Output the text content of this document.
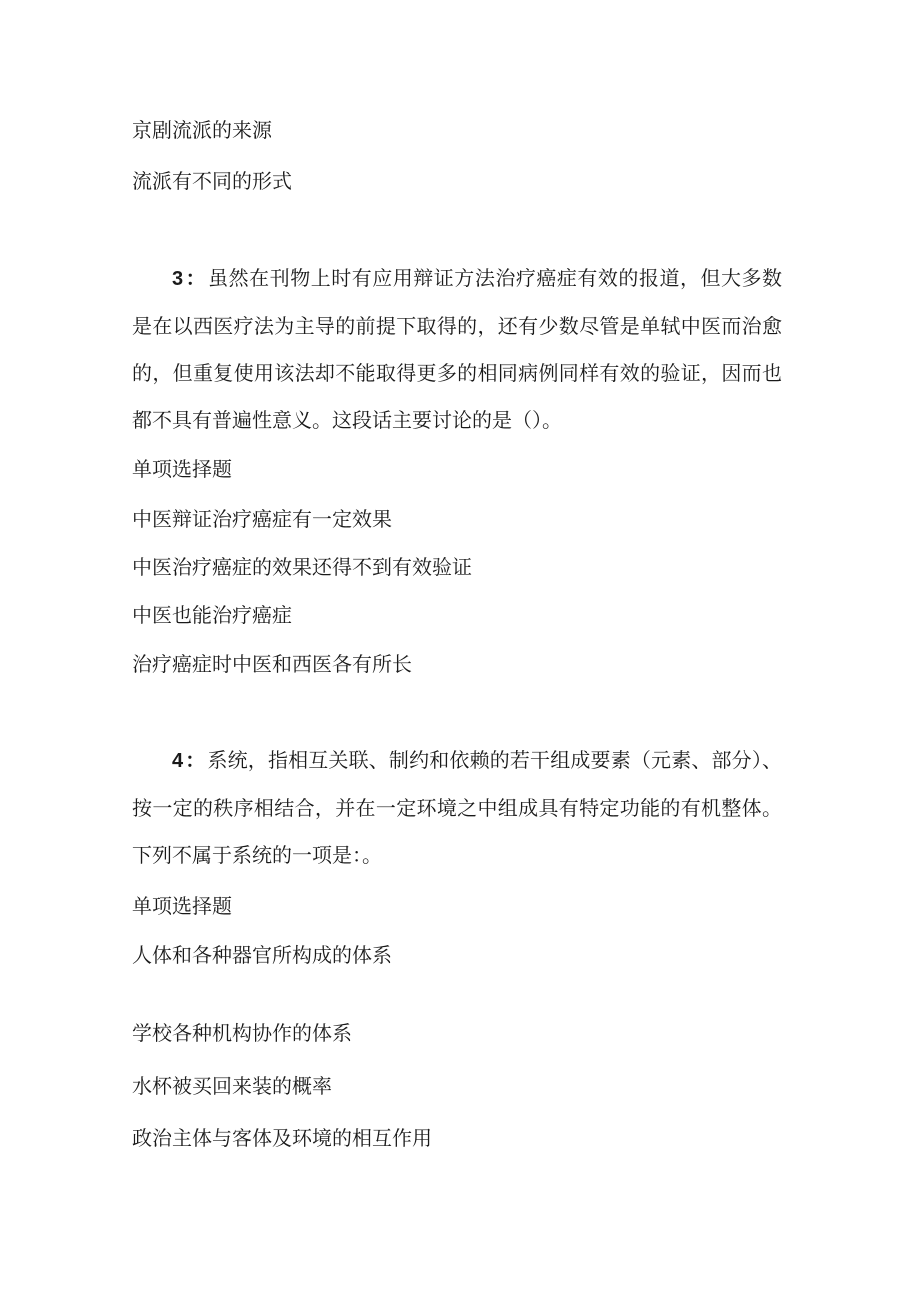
京剧流派的来源
流派有不同的形式
3：虽然在刊物上时有应用辩证方法治疗癌症有效的报道，但大多数是在以西医疗法为主导的前提下取得的，还有少数尽管是单轼中医而治愈的，但重复使用该法却不能取得更多的相同病例同样有效的验证，因而也都不具有普遍性意义。这段话主要讨论的是（）。
单项选择题
中医辩证治疗癌症有一定效果
中医治疗癌症的效果还得不到有效验证
中医也能治疗癌症
治疗癌症时中医和西医各有所长
4：系统，指相互关联、制约和依赖的若干组成要素（元素、部分）、按一定的秩序相结合，并在一定环境之中组成具有特定功能的有机整体。下列不属于系统的一项是：。
单项选择题
人体和各种器官所构成的体系
学校各种机构协作的体系
水杯被买回来装的概率
政治主体与客体及环境的相互作用
